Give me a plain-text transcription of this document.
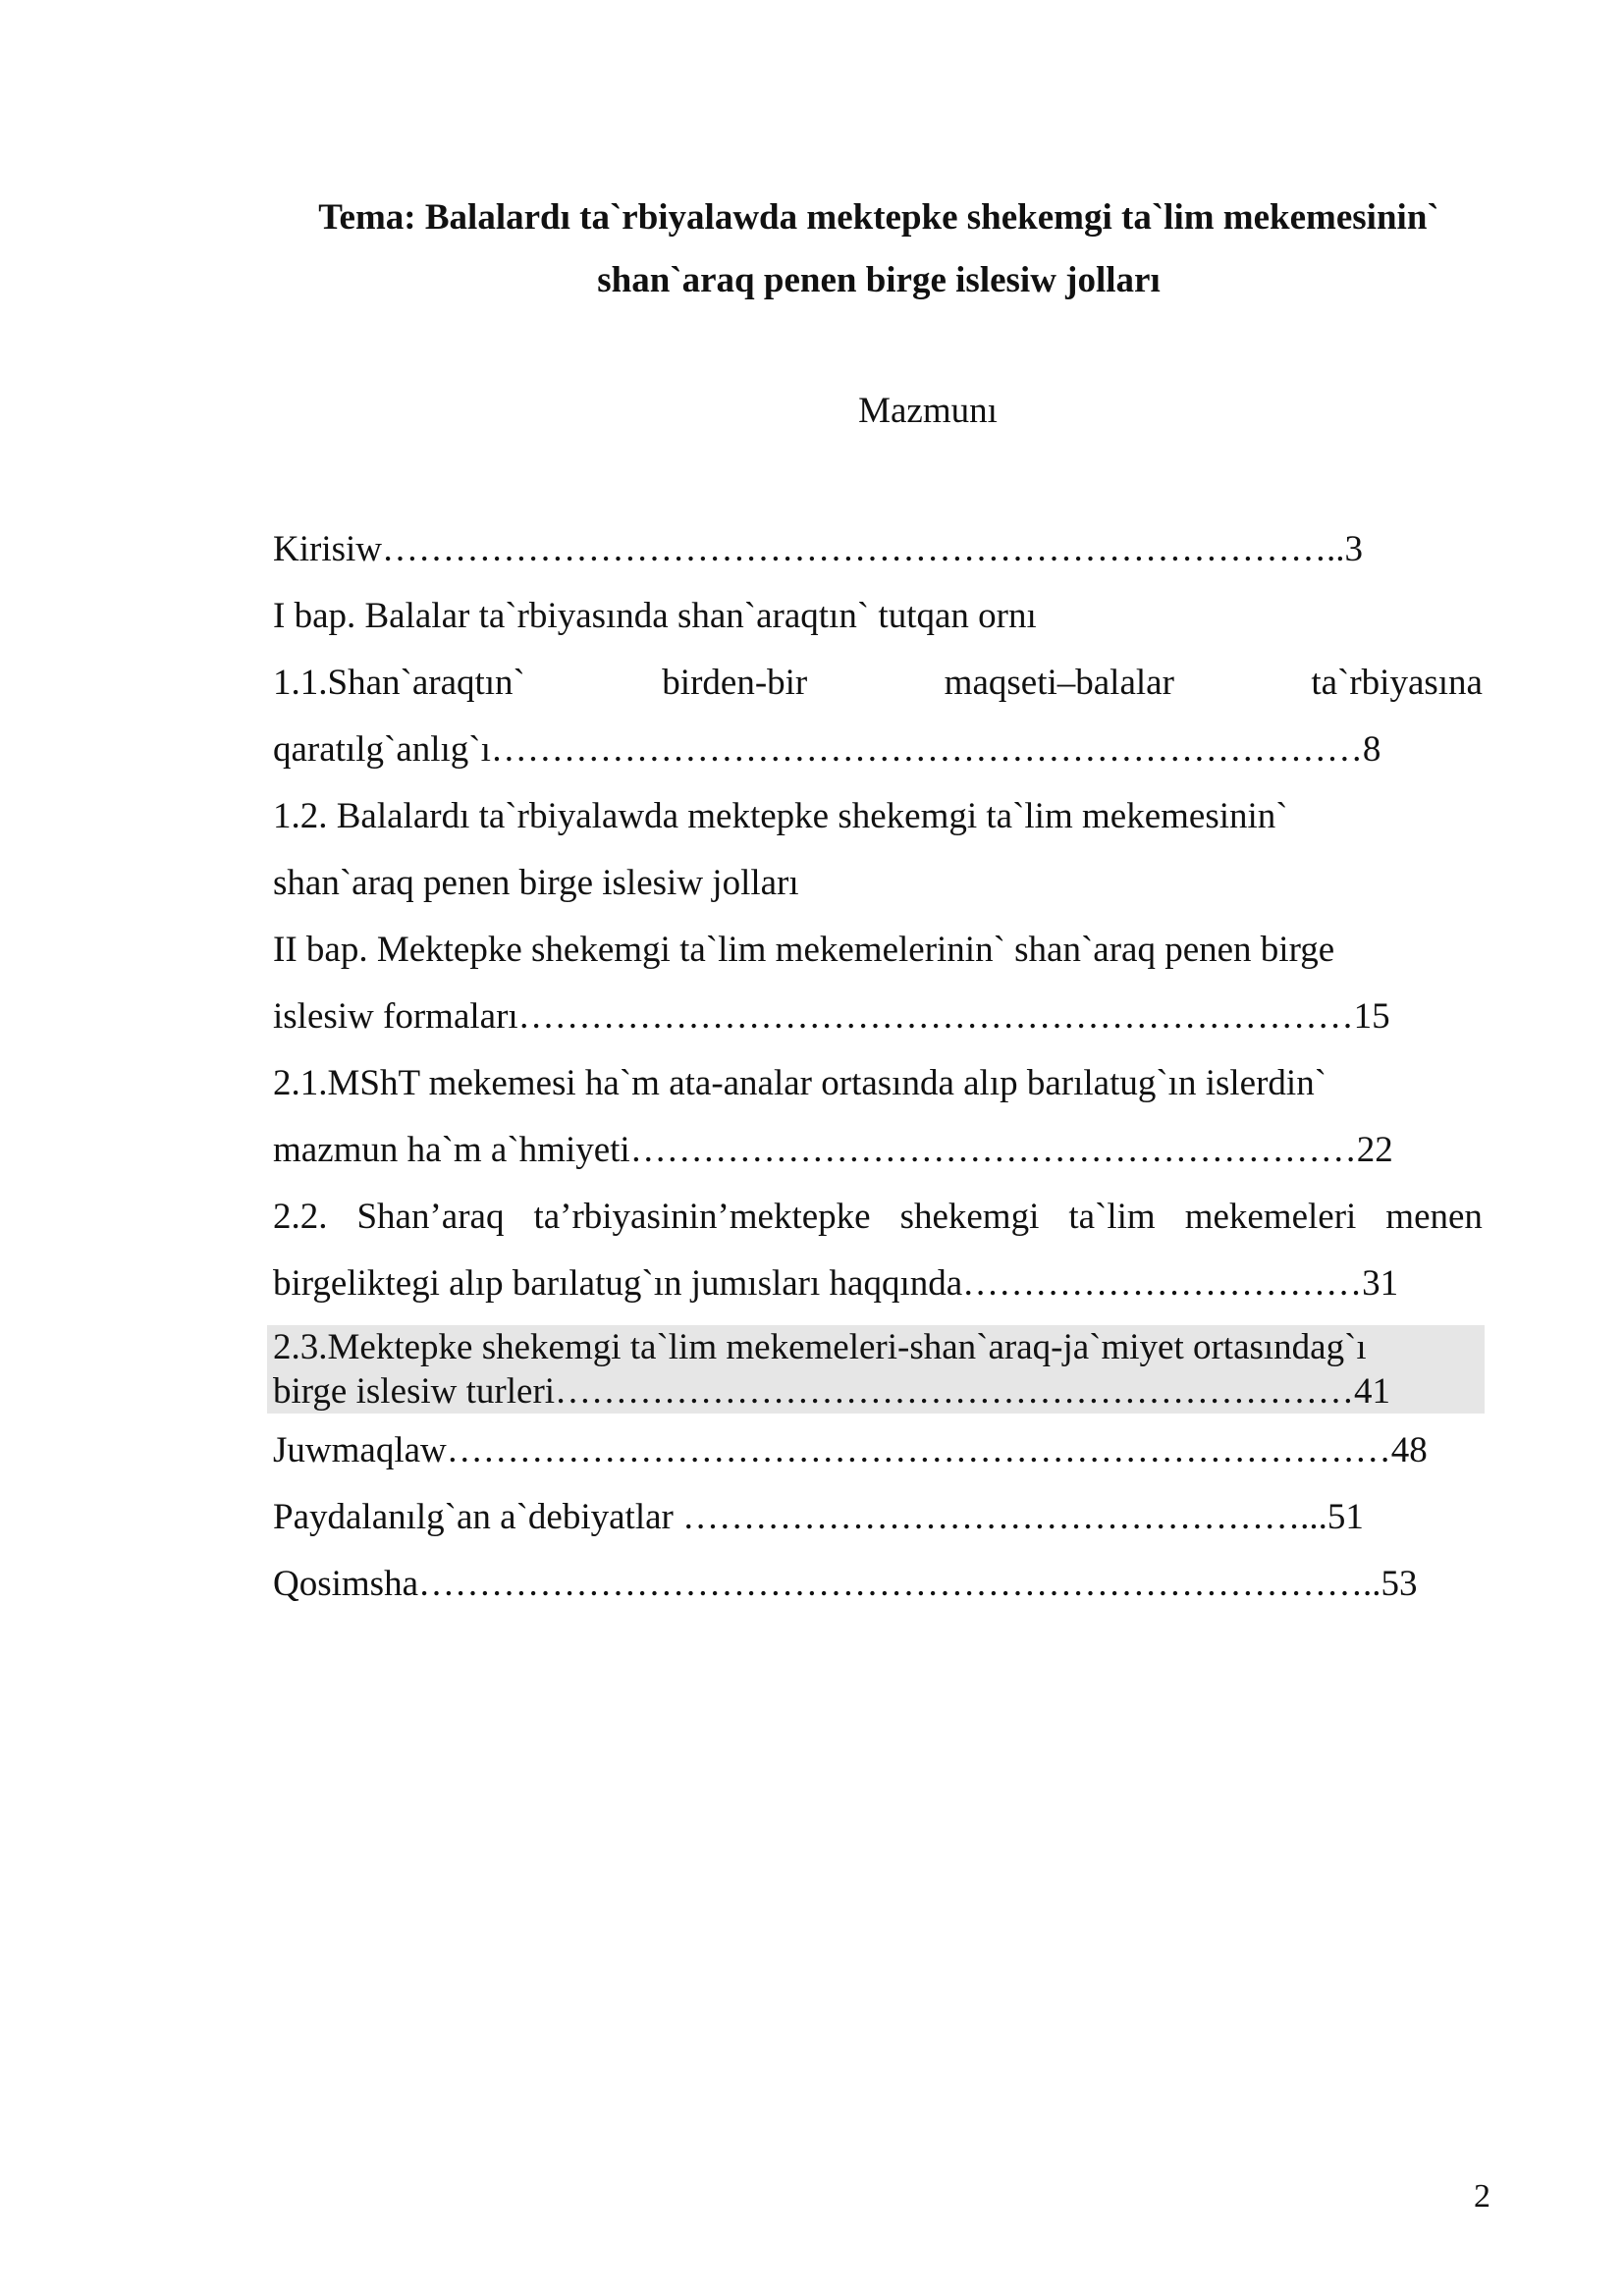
Tema: Balalardı ta`rbiyalawda mektepke shekemgi ta`lim mekemesinin`
shan`araq penen birge islesiw jolları
Mazmunı
Kirisiw……………………………………………………………………..3
I bap. Balalar ta`rbiyasında shan`araqtın` tutqan ornı
1.1.Shan`araqtın`	birden-bir	maqseti–balalar	ta`rbiyasına
qaratılg`anlıg`ı………………………………………………………………8
1.2. Balalardı ta`rbiyalawda mektepke shekemgi ta`lim mekemesinin`
shan`araq penen birge islesiw jolları
II bap. Mektepke shekemgi ta`lim mekemelerinin` shan`araq penen birge
islesiw formaları……………………………………………………………15
2.1.MShT mekemesi ha`m ata-analar ortasında alıp barılatug`ın islerdin`
mazmun ha`m a`hmiyeti……………………………………………………22
2.2. Shan’araq ta’rbiyasinin’mektepke shekemgi ta`lim mekemeleri menen
birgeliktegi alıp barılatug`ın jumısları haqqında……………………………31
2.3.Mektepke shekemgi ta`lim mekemeleri-shan`araq-ja`miyet ortasındag`ı
birge islesiw turleri…………………………………………………………41
Juwmaqlaw……………………………………………………………………48
Paydalanılg`an a`debiyatlar ……………………………………………...51
Qosimsha……………………………………………………………………..53
2
